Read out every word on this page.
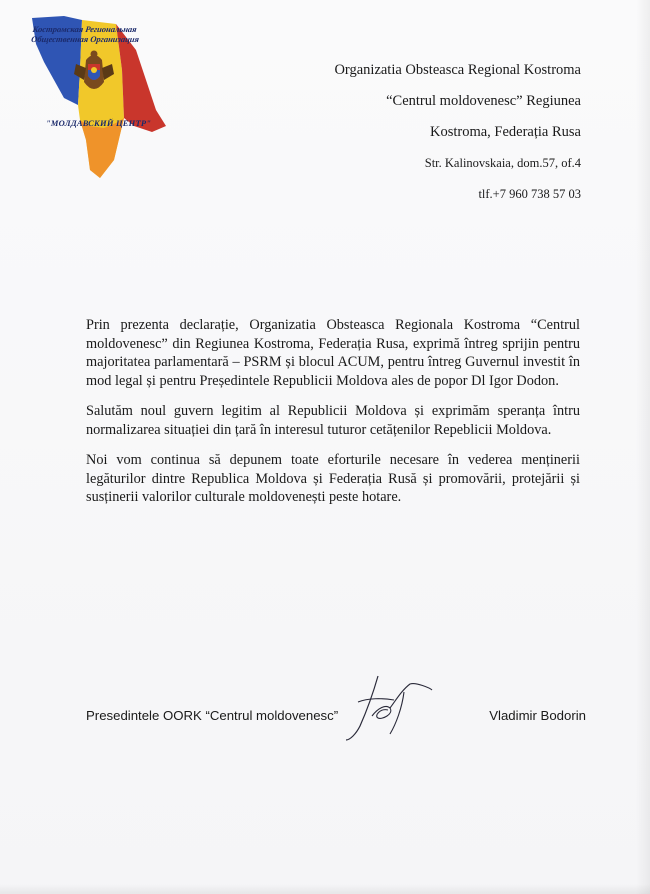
Костромская Региональная
Общественная Организация
"МОЛДАВСКИЙ ЦЕНТР"
Organizatia Obsteasca Regional Kostroma
“Centrul moldovenesc” Regiunea
Kostroma, Federația Rusa
Str. Kalinovskaia, dom.57, of.4
tlf.+7 960 738 57 03

Prin prezenta declarație, Organizatia Obsteasca Regionala Kostroma “Centrul moldovenesc” din Regiunea Kostroma, Federația Rusa, exprimă întreg sprijin pentru majoritatea parlamentară – PSRM și blocul ACUM, pentru întreg Guvernul investit în mod legal și pentru Președintele Republicii Moldova ales de popor Dl Igor Dodon.

Salutăm noul guvern legitim al Republicii Moldova și exprimăm speranța întru normalizarea situației din țară în interesul tuturor cetățenilor Repeblicii Moldova.

Noi vom continua să depunem toate eforturile necesare în vederea menținerii legăturilor dintre Republica Moldova și Federația Rusă și promovării, protejării și susținerii valorilor culturale moldovenești peste hotare.

Presedintele OORK “Centrul moldovenesc”	Vladimir Bodorin
